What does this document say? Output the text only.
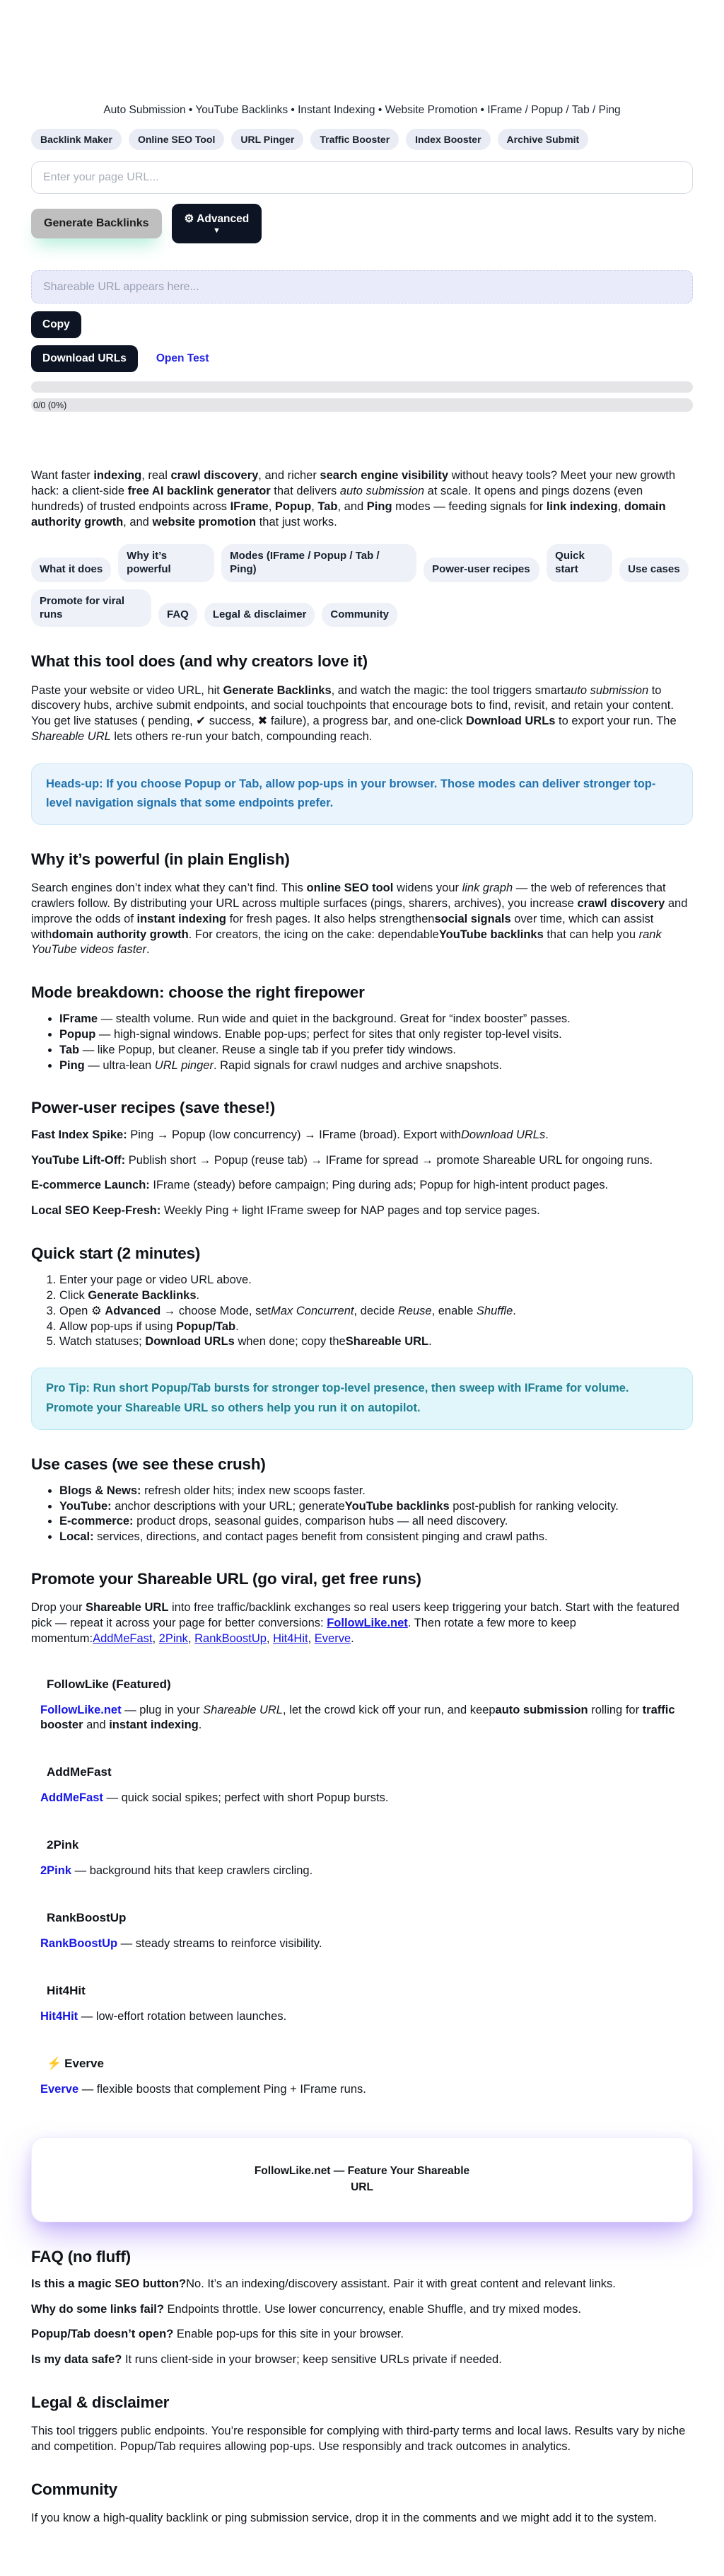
Auto Submission • YouTube Backlinks • Instant Indexing • Website Promotion • IFrame / Popup / Tab / Ping
Backlink Maker	Online SEO Tool	URL Pinger	Traffic Booster	Index Booster	Archive Submit
Enter your page URL...
Generate Backlinks	⚙ Advanced
▼
Shareable URL appears here...
Copy
Download URLs	Open Test
0/0 (0%)

Want faster indexing, real crawl discovery, and richer search engine visibility without heavy tools? Meet your new growth hack: a client-side free AI backlink generator that delivers auto submission at scale. It opens and pings dozens (even hundreds) of trusted endpoints across IFrame, Popup, Tab, and Ping modes — feeding signals for link indexing, domain authority growth, and website promotion that just works.

What it does
Why it’s powerful
Modes (IFrame / Popup / Tab / Ping)	Power-user recipes
Quick start	Use cases
Promote for viral runs	FAQ	Legal & disclaimer	Community
What this tool does (and why creators love it)

Paste your website or video URL, hit Generate Backlinks, and watch the magic: the tool triggers smartauto submission to discovery hubs, archive submit endpoints, and social touchpoints that encourage bots to find, revisit, and retain your content. You get live statuses ( pending, ✔ success, ✖ failure), a progress bar, and one-click Download URLs to export your run. The Shareable URL lets others re-run your batch, compounding reach.

Heads-up: If you choose Popup or Tab, allow pop-ups in your browser. Those modes can deliver stronger top-level navigation signals that some endpoints prefer.
Why it’s powerful (in plain English)

Search engines don’t index what they can’t find. This online SEO tool widens your link graph — the web of references that crawlers follow. By distributing your URL across multiple surfaces (pings, sharers, archives), you increase crawl discovery and improve the odds of instant indexing for fresh pages. It also helps strengthensocial signals over time, which can assist withdomain authority growth. For creators, the icing on the cake: dependableYouTube backlinks that can help you rank YouTube videos faster.

Mode breakdown: choose the right firepower
• IFrame — stealth volume. Run wide and quiet in the background. Great for “index booster” passes.
• Popup — high-signal windows. Enable pop-ups; perfect for sites that only register top-level visits.
• Tab — like Popup, but cleaner. Reuse a single tab if you prefer tidy windows.
• Ping — ultra-lean URL pinger. Rapid signals for crawl nudges and archive snapshots.
Power-user recipes (save these!)

Fast Index Spike: Ping → Popup (low concurrency) → IFrame (broad). Export withDownload URLs.

YouTube Lift-Off: Publish short → Popup (reuse tab) → IFrame for spread → promote Shareable URL for ongoing runs.

E-commerce Launch: IFrame (steady) before campaign; Ping during ads; Popup for high-intent product pages.

Local SEO Keep-Fresh: Weekly Ping + light IFrame sweep for NAP pages and top service pages.

Quick start (2 minutes)
1. Enter your page or video URL above.
2. Click Generate Backlinks.
3. Open ⚙ Advanced → choose Mode, setMax Concurrent, decide Reuse, enable Shuffle.
4. Allow pop-ups if using Popup/Tab.
5. Watch statuses; Download URLs when done; copy theShareable URL.
Pro Tip: Run short Popup/Tab bursts for stronger top-level presence, then sweep with IFrame for volume. Promote your Shareable URL so others help you run it on autopilot.
Use cases (we see these crush)
• Blogs & News: refresh older hits; index new scoops faster.
• YouTube: anchor descriptions with your URL; generateYouTube backlinks post-publish for ranking velocity.
• E-commerce: product drops, seasonal guides, comparison hubs — all need discovery.
• Local: services, directions, and contact pages benefit from consistent pinging and crawl paths.
Promote your Shareable URL (go viral, get free runs)

Drop your Shareable URL into free traffic/backlink exchanges so real users keep triggering your batch. Start with the featured pick — repeat it across your page for better conversions: FollowLike.net. Then rotate a few more to keep momentum:AddMeFast, 2Pink, RankBoostUp, Hit4Hit, Everve.

FollowLike (Featured)

FollowLike.net — plug in your Shareable URL, let the crowd kick off your run, and keepauto submission rolling for traffic booster and instant indexing.

AddMeFast

AddMeFast — quick social spikes; perfect with short Popup bursts.

2Pink

2Pink — background hits that keep crawlers circling.

RankBoostUp

RankBoostUp — steady streams to reinforce visibility.

Hit4Hit

Hit4Hit — low-effort rotation between launches.

⚡ Everve

Everve — flexible boosts that complement Ping + IFrame runs.

FollowLike.net — Feature Your Shareable URL
FAQ (no fluff)

Is this a magic SEO button?No. It’s an indexing/discovery assistant. Pair it with great content and relevant links.

Why do some links fail? Endpoints throttle. Use lower concurrency, enable Shuffle, and try mixed modes.

Popup/Tab doesn’t open? Enable pop-ups for this site in your browser.

Is my data safe? It runs client-side in your browser; keep sensitive URLs private if needed.

Legal & disclaimer

This tool triggers public endpoints. You’re responsible for complying with third-party terms and local laws. Results vary by niche and competition. Popup/Tab requires allowing pop-ups. Use responsibly and track outcomes in analytics.

Community

If you know a high-quality backlink or ping submission service, drop it in the comments and we might add it to the system.
